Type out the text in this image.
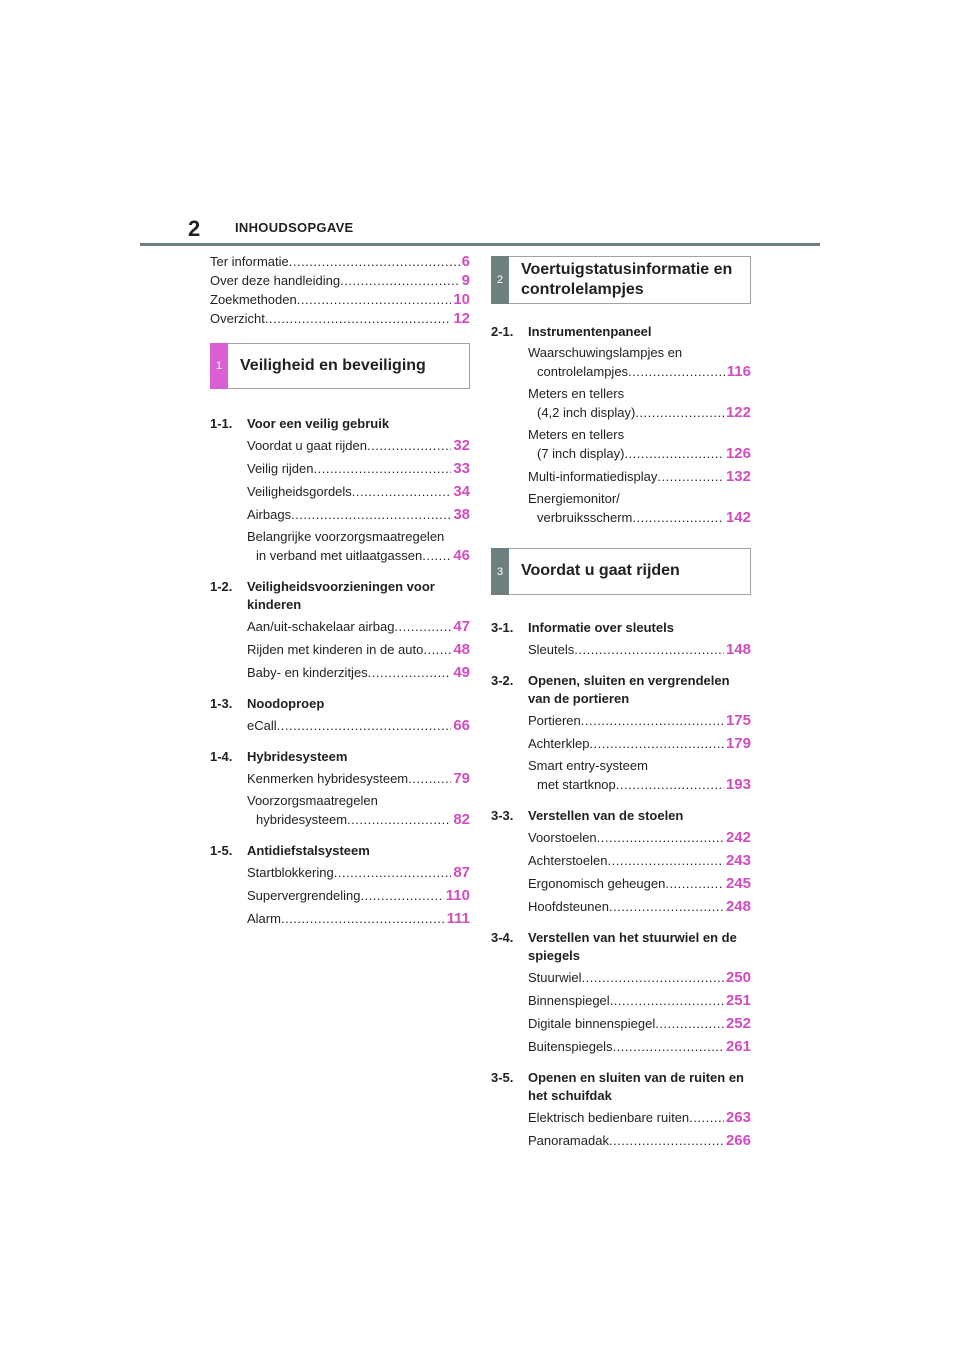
2	INHOUDSOPGAVE
Ter informatie .....	6
Over deze handleiding .....	9
Zoekmethoden .....	10
Overzicht .....	12
1	Veiligheid en beveiliging
1-1.	Voor een veilig gebruik
Voordat u gaat rijden .....	32
Veilig rijden .....	33
Veiligheidsgordels .....	34
Airbags .....	38
Belangrijke voorzorgsmaatregelen
in verband met uitlaatgassen ..... 46
1-2.	Veiligheidsvoorzieningen voor kinderen
Aan/uit-schakelaar airbag .....	47
Rijden met kinderen in de auto ..... 48
Baby- en kinderzitjes .....	49
1-3.	Noodoproep
eCall .....	66
1-4.	Hybridesysteem
Kenmerken hybridesysteem .....	79
Voorzorgsmaatregelen
hybridesysteem .....	82
1-5.	Antidiefstalsysteem
Startblokkering .....	87
Supervergrendeling .....	110
Alarm .....	111
2
Voertuigstatusinformatie en
controlelampjes
2-1.	Instrumentenpaneel
Waarschuwingslampjes en
controlelampjes .....	116
Meters en tellers
(4,2 inch display) .....	122
Meters en tellers
(7 inch display) .....	126
Multi-informatiedisplay .....	132
Energiemonitor/
verbruiksscherm .....	142
3	Voordat u gaat rijden
3-1.	Informatie over sleutels
Sleutels .....	148
3-2.	Openen, sluiten en vergrendelen van de portieren
Portieren .....	175
Achterklep .....	179
Smart entry-systeem
met startknop .....	193
3-3.	Verstellen van de stoelen
Voorstoelen .....	242
Achterstoelen .....	243
Ergonomisch geheugen .....	245
Hoofdsteunen .....	248
3-4.	Verstellen van het stuurwiel en de spiegels
Stuurwiel .....	250
Binnenspiegel .....	251
Digitale binnenspiegel .....	252
Buitenspiegels .....	261
3-5.	Openen en sluiten van de ruiten en het schuifdak
Elektrisch bedienbare ruiten ..... 263
Panoramadak .....	266
